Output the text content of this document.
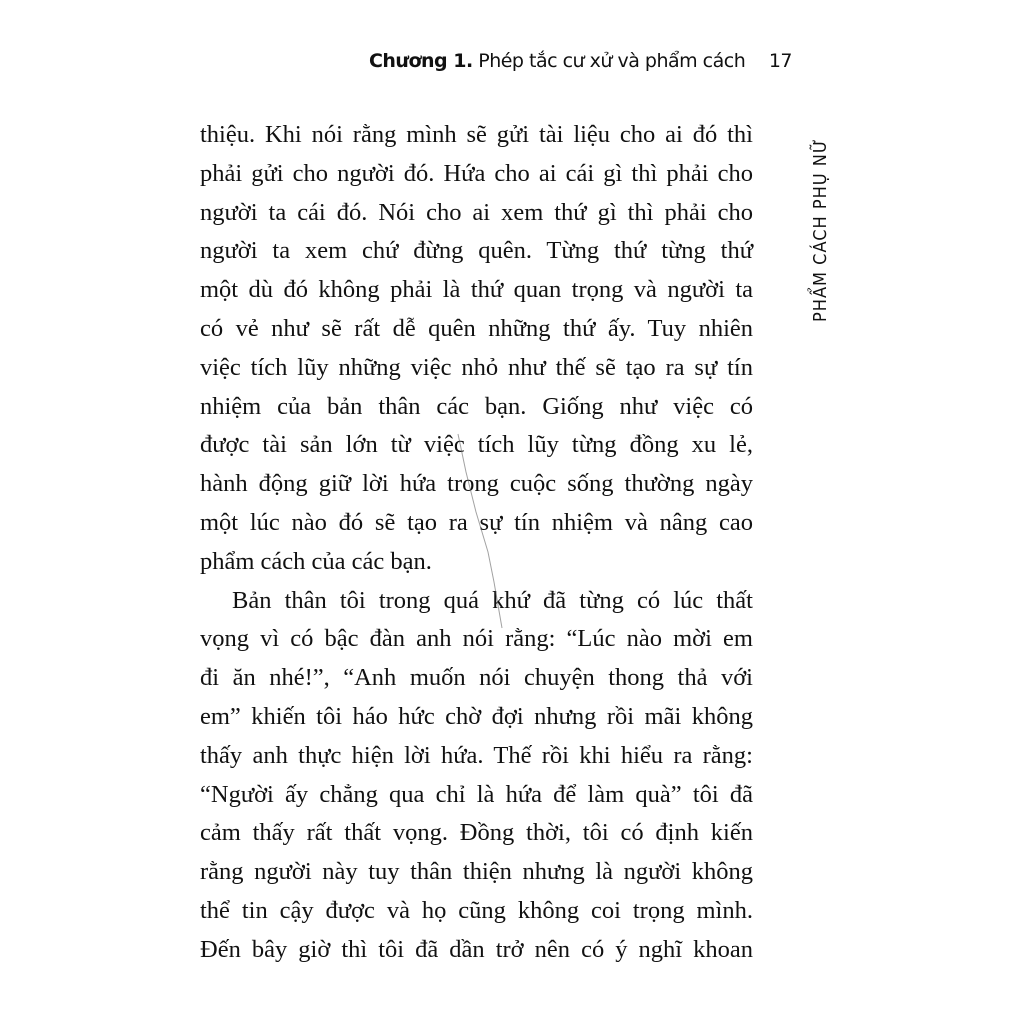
Chương 1. Phép tắc cư xử và phẩm cách 17
PHẨM CÁCH PHỤ NỮ

thiệu. Khi nói rằng mình sẽ gửi tài liệu cho ai đó thì
phải gửi cho người đó. Hứa cho ai cái gì thì phải cho
người ta cái đó. Nói cho ai xem thứ gì thì phải cho
người ta xem chứ đừng quên. Từng thứ từng thứ
một dù đó không phải là thứ quan trọng và người ta
có vẻ như sẽ rất dễ quên những thứ ấy. Tuy nhiên
việc tích lũy những việc nhỏ như thế sẽ tạo ra sự tín
nhiệm của bản thân các bạn. Giống như việc có
được tài sản lớn từ việc tích lũy từng đồng xu lẻ,
hành động giữ lời hứa trong cuộc sống thường ngày
một lúc nào đó sẽ tạo ra sự tín nhiệm và nâng cao
phẩm cách của các bạn.

Bản thân tôi trong quá khứ đã từng có lúc thất
vọng vì có bậc đàn anh nói rằng: “Lúc nào mời em
đi ăn nhé!”, “Anh muốn nói chuyện thong thả với
em” khiến tôi háo hức chờ đợi nhưng rồi mãi không
thấy anh thực hiện lời hứa. Thế rồi khi hiểu ra rằng:
“Người ấy chẳng qua chỉ là hứa để làm quà” tôi đã
cảm thấy rất thất vọng. Đồng thời, tôi có định kiến
rằng người này tuy thân thiện nhưng là người không
thể tin cậy được và họ cũng không coi trọng mình.
Đến bây giờ thì tôi đã dần trở nên có ý nghĩ khoan
